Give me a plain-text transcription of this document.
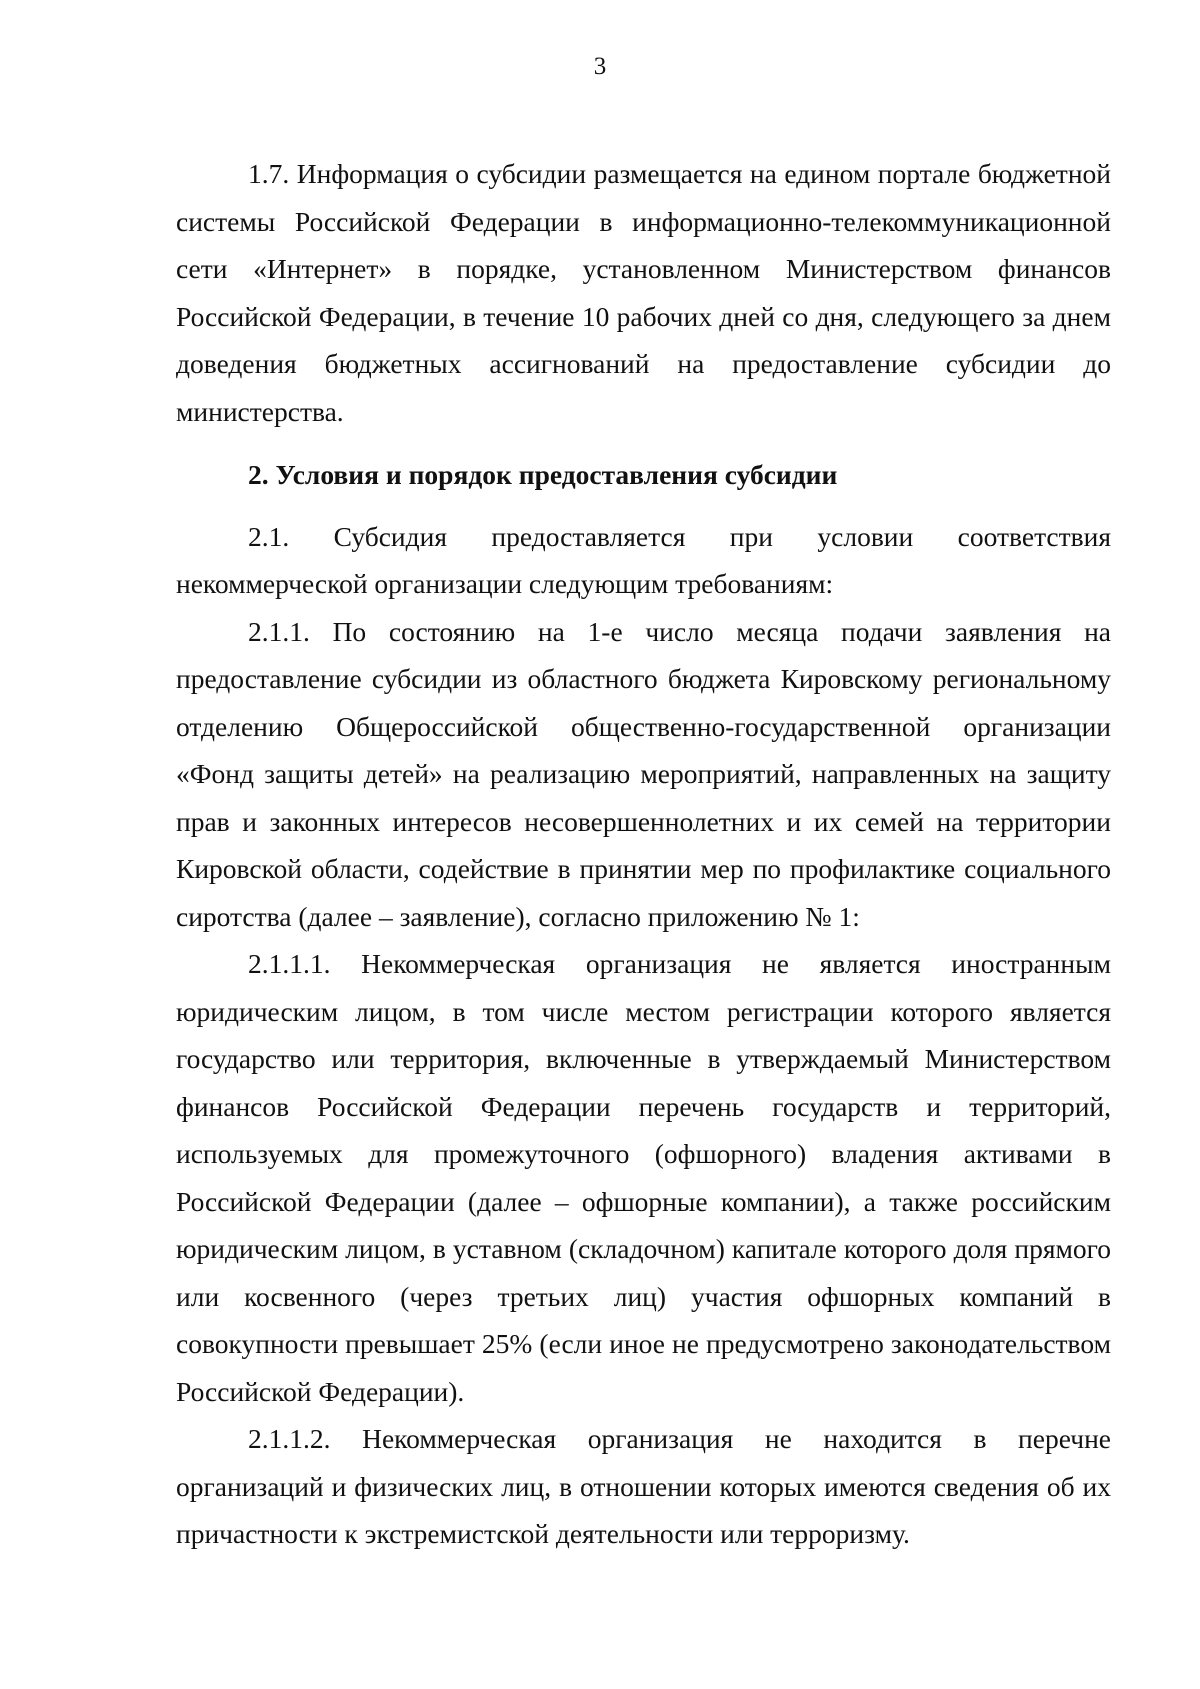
3

1.7. Информация о субсидии размещается на едином портале бюджетной системы Российской Федерации в информационно-телекоммуникационной сети «Интернет» в порядке, установленном Министерством финансов Российской Федерации, в течение 10 рабочих дней со дня, следующего за днем доведения бюджетных ассигнований на предоставление субсидии до министерства.

2. Условия и порядок предоставления субсидии

2.1. Субсидия предоставляется при условии соответствия некоммерческой организации следующим требованиям:

2.1.1. По состоянию на 1-е число месяца подачи заявления на предоставление субсидии из областного бюджета Кировскому региональному отделению Общероссийской общественно-государственной организации «Фонд защиты детей» на реализацию мероприятий, направленных на защиту прав и законных интересов несовершеннолетних и их семей на территории Кировской области, содействие в принятии мер по профилактике социального сиротства (далее – заявление), согласно приложению № 1:

2.1.1.1. Некоммерческая организация не является иностранным юридическим лицом, в том числе местом регистрации которого является государство или территория, включенные в утверждаемый Министерством финансов Российской Федерации перечень государств и территорий, используемых для промежуточного (офшорного) владения активами в Российской Федерации (далее – офшорные компании), а также российским юридическим лицом, в уставном (складочном) капитале которого доля прямого или косвенного (через третьих лиц) участия офшорных компаний в совокупности превышает 25% (если иное не предусмотрено законодательством Российской Федерации).

2.1.1.2. Некоммерческая организация не находится в перечне организаций и физических лиц, в отношении которых имеются сведения об их причастности к экстремистской деятельности или терроризму.
